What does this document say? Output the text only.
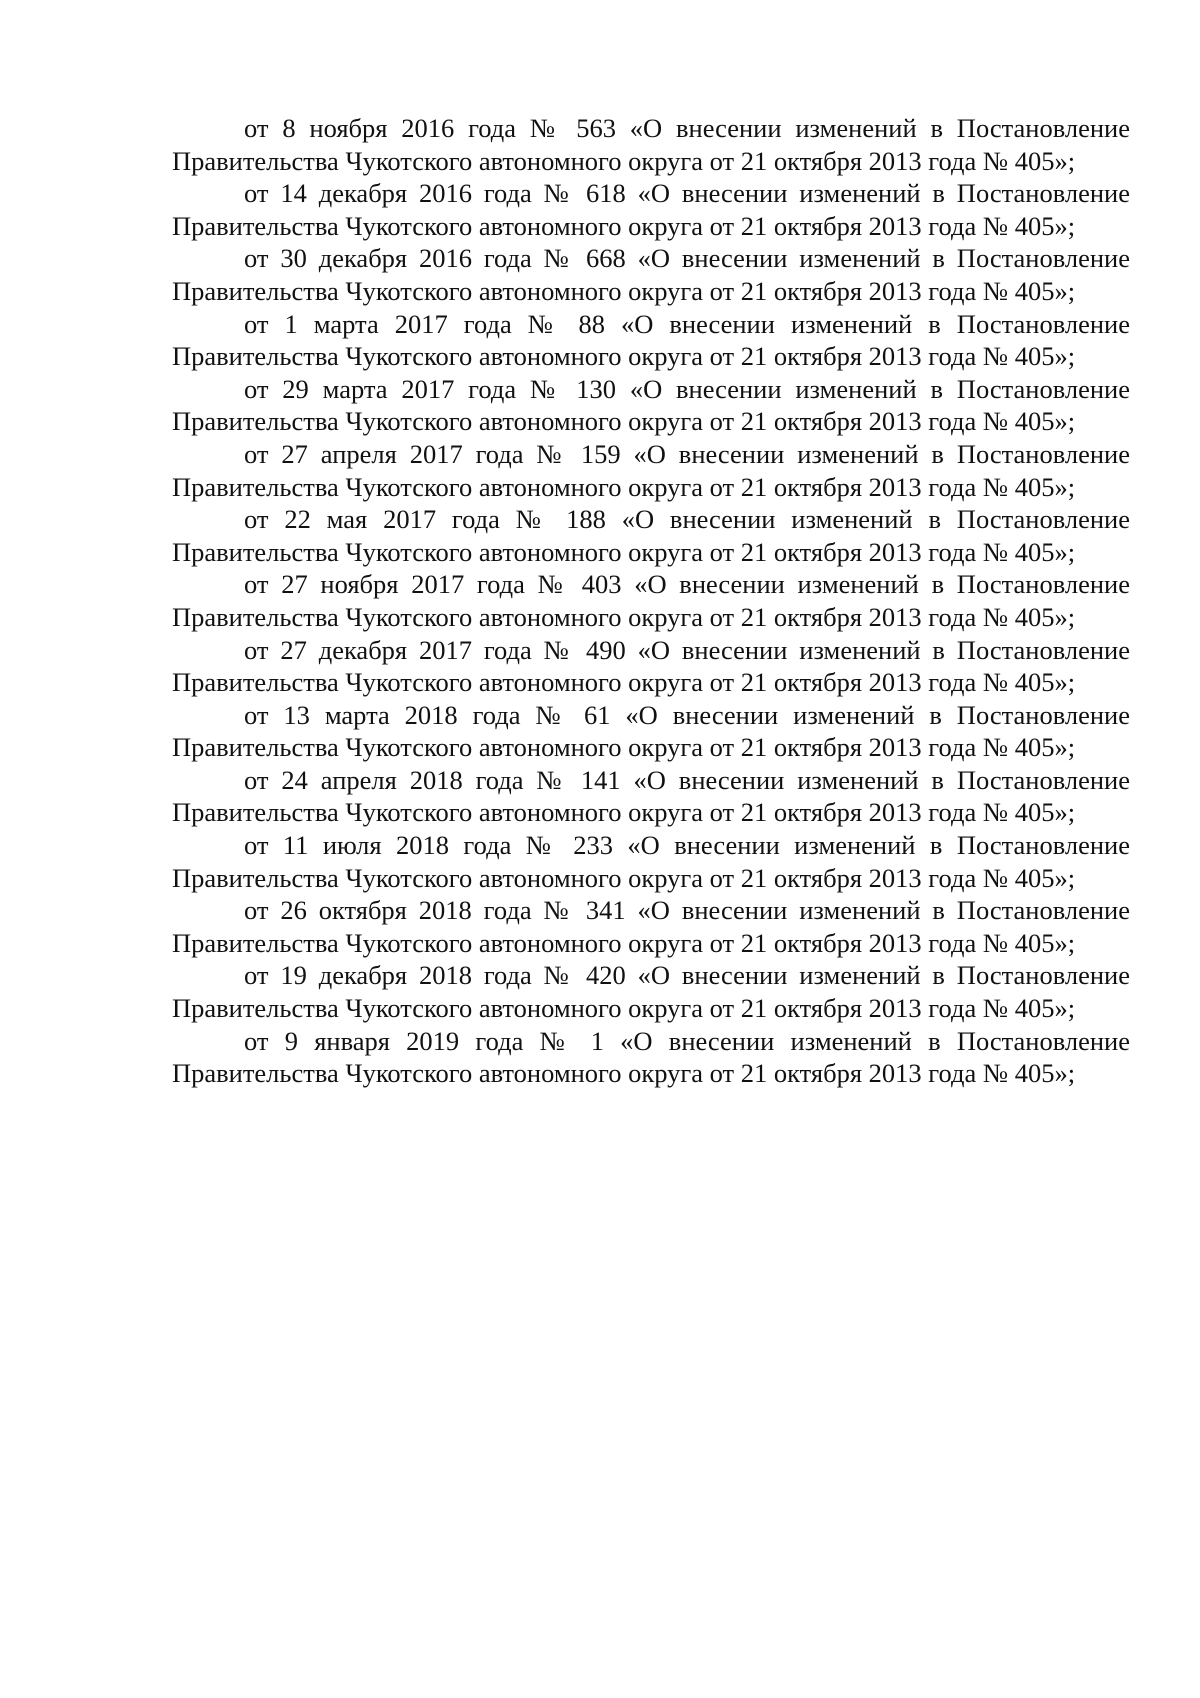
от 8 ноября 2016 года № 563 «О внесении изменений в Постановление Правительства Чукотского автономного округа от 21 октября 2013 года № 405»;

от 14 декабря 2016 года № 618 «О внесении изменений в Постановление Правительства Чукотского автономного округа от 21 октября 2013 года № 405»;

от 30 декабря 2016 года № 668 «О внесении изменений в Постановление Правительства Чукотского автономного округа от 21 октября 2013 года № 405»;

от 1 марта 2017 года № 88 «О внесении изменений в Постановление Правительства Чукотского автономного округа от 21 октября 2013 года № 405»;

от 29 марта 2017 года № 130 «О внесении изменений в Постановление Правительства Чукотского автономного округа от 21 октября 2013 года № 405»;

от 27 апреля 2017 года № 159 «О внесении изменений в Постановление Правительства Чукотского автономного округа от 21 октября 2013 года № 405»;

от 22 мая 2017 года № 188 «О внесении изменений в Постановление Правительства Чукотского автономного округа от 21 октября 2013 года № 405»;

от 27 ноября 2017 года № 403 «О внесении изменений в Постановление Правительства Чукотского автономного округа от 21 октября 2013 года № 405»;

от 27 декабря 2017 года № 490 «О внесении изменений в Постановление Правительства Чукотского автономного округа от 21 октября 2013 года № 405»;

от 13 марта 2018 года № 61 «О внесении изменений в Постановление Правительства Чукотского автономного округа от 21 октября 2013 года № 405»;

от 24 апреля 2018 года № 141 «О внесении изменений в Постановление Правительства Чукотского автономного округа от 21 октября 2013 года № 405»;

от 11 июля 2018 года № 233 «О внесении изменений в Постановление Правительства Чукотского автономного округа от 21 октября 2013 года № 405»;

от 26 октября 2018 года № 341 «О внесении изменений в Постановление Правительства Чукотского автономного округа от 21 октября 2013 года № 405»;

от 19 декабря 2018 года № 420 «О внесении изменений в Постановление Правительства Чукотского автономного округа от 21 октября 2013 года № 405»;

от 9 января 2019 года № 1 «О внесении изменений в Постановление Правительства Чукотского автономного округа от 21 октября 2013 года № 405»;
